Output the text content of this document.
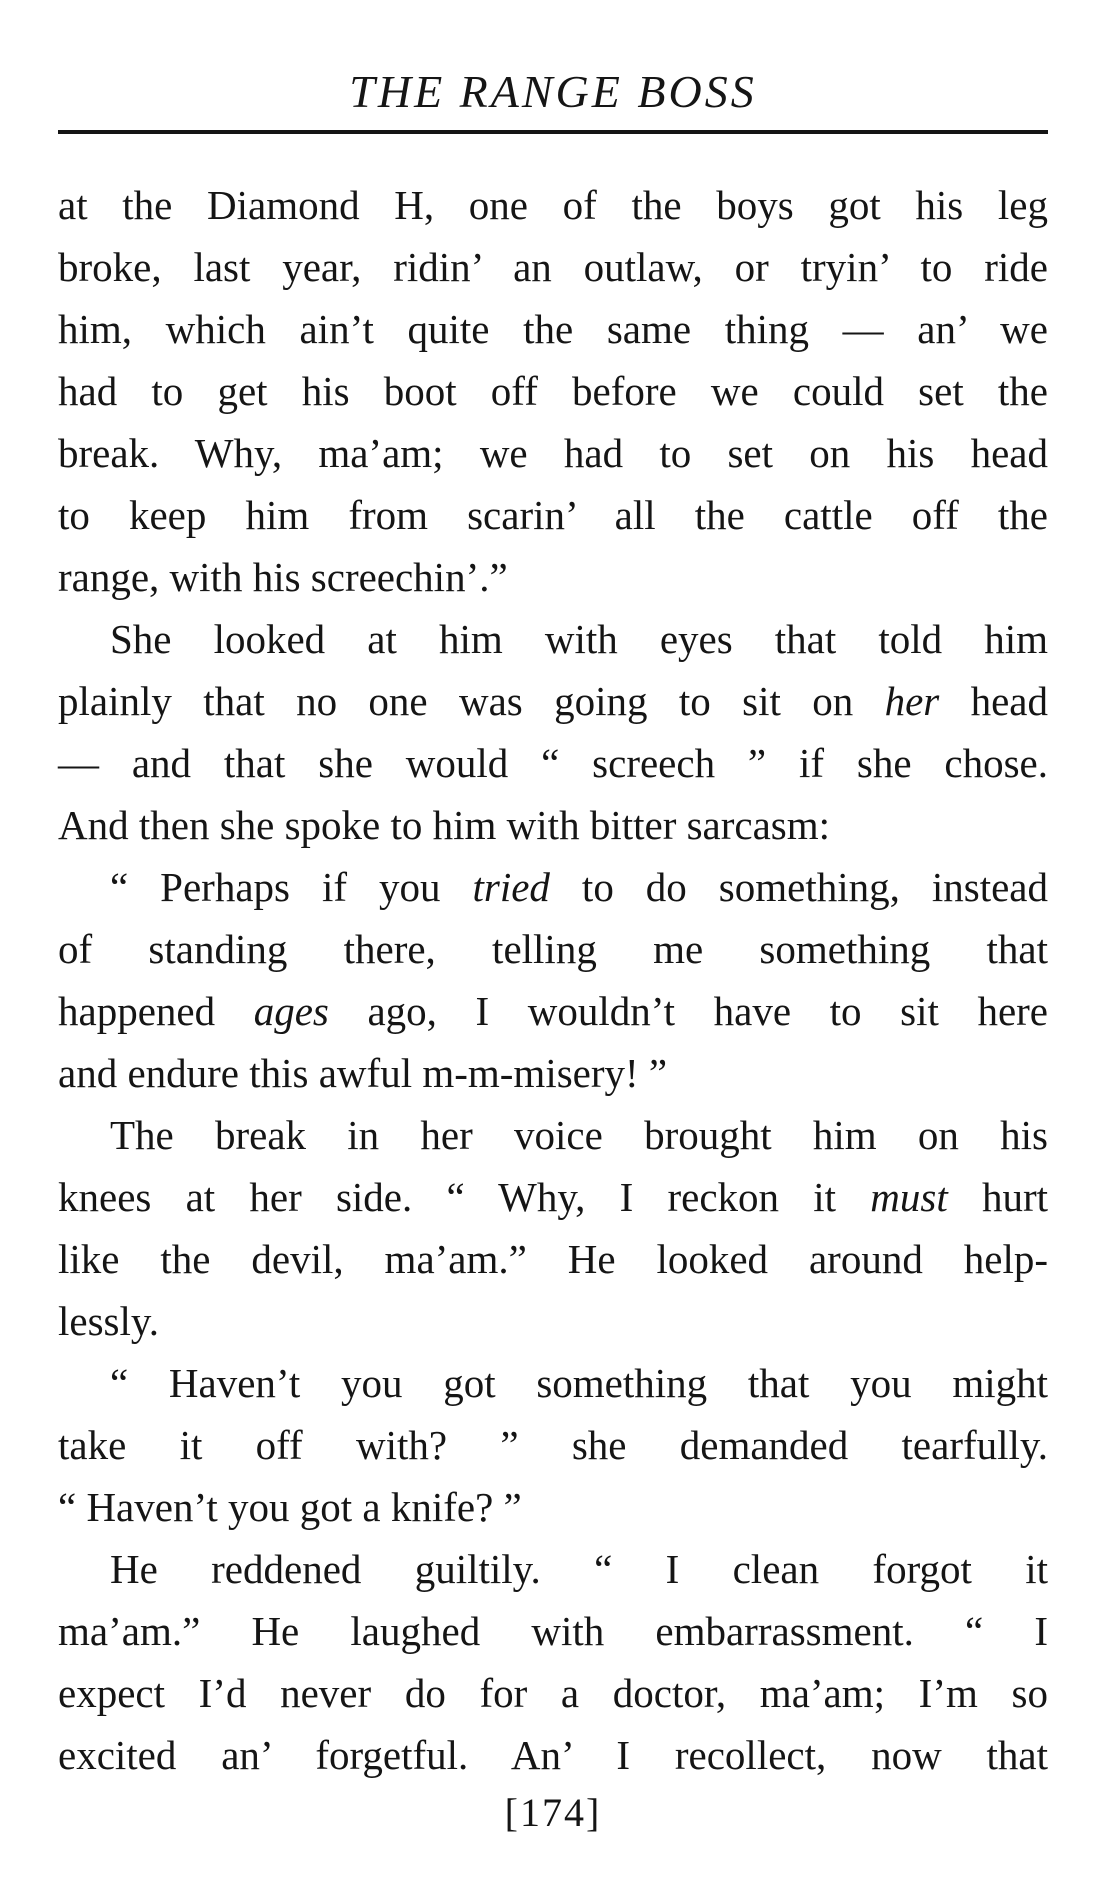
THE RANGE BOSS
at the Diamond H, one of the boys got his leg
broke, last year, ridin’ an outlaw, or tryin’ to ride
him, which ain’t quite the same thing — an’ we
had to get his boot off before we could set the
break. Why, ma’am; we had to set on his head
to keep him from scarin’ all the cattle off the
range, with his screechin’.”
She looked at him with eyes that told him
plainly that no one was going to sit on her head
— and that she would “ screech ” if she chose.
And then she spoke to him with bitter sarcasm:
“ Perhaps if you tried to do something, instead
of standing there, telling me something that
happened ages ago, I wouldn’t have to sit here
and endure this awful m-m-misery! ”
The break in her voice brought him on his
knees at her side. “ Why, I reckon it must hurt
like the devil, ma’am.” He looked around help-
lessly.
“ Haven’t you got something that you might
take it off with? ” she demanded tearfully.
“ Haven’t you got a knife? ”
He reddened guiltily. “ I clean forgot it
ma’am.” He laughed with embarrassment. “ I
expect I’d never do for a doctor, ma’am; I’m so
excited an’ forgetful. An’ I recollect, now that
[174]
